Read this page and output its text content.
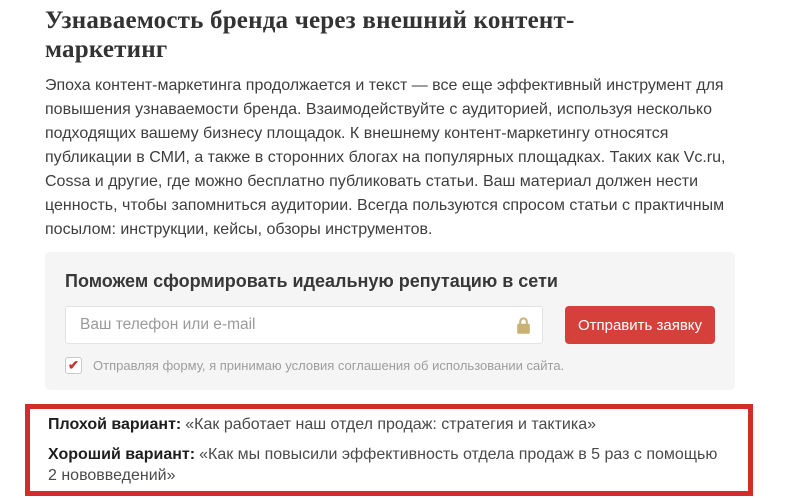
Узнаваемость бренда через внешний контент-маркетинг

Эпоха контент-маркетинга продолжается и текст — все еще эффективный инструмент для повышения узнаваемости бренда. Взаимодействуйте с аудиторией, используя несколько подходящих вашему бизнесу площадок. К внешнему контент-маркетингу относятся публикации в СМИ, а также в сторонних блогах на популярных площадках. Таких как Vc.ru, Cossa и другие, где можно бесплатно публиковать статьи. Ваш материал должен нести ценность, чтобы запомниться аудитории. Всегда пользуются спросом статьи с практичным посылом: инструкции, кейсы, обзоры инструментов.

Поможем сформировать идеальную репутацию в сети
Ваш телефон или e-mail
Отправить заявку
✔ Отправляя форму, я принимаю условия соглашения об использовании сайта.

Плохой вариант: «Как работает наш отдел продаж: стратегия и тактика»

Хороший вариант: «Как мы повысили эффективность отдела продаж в 5 раз с помощью 2 нововведений»
